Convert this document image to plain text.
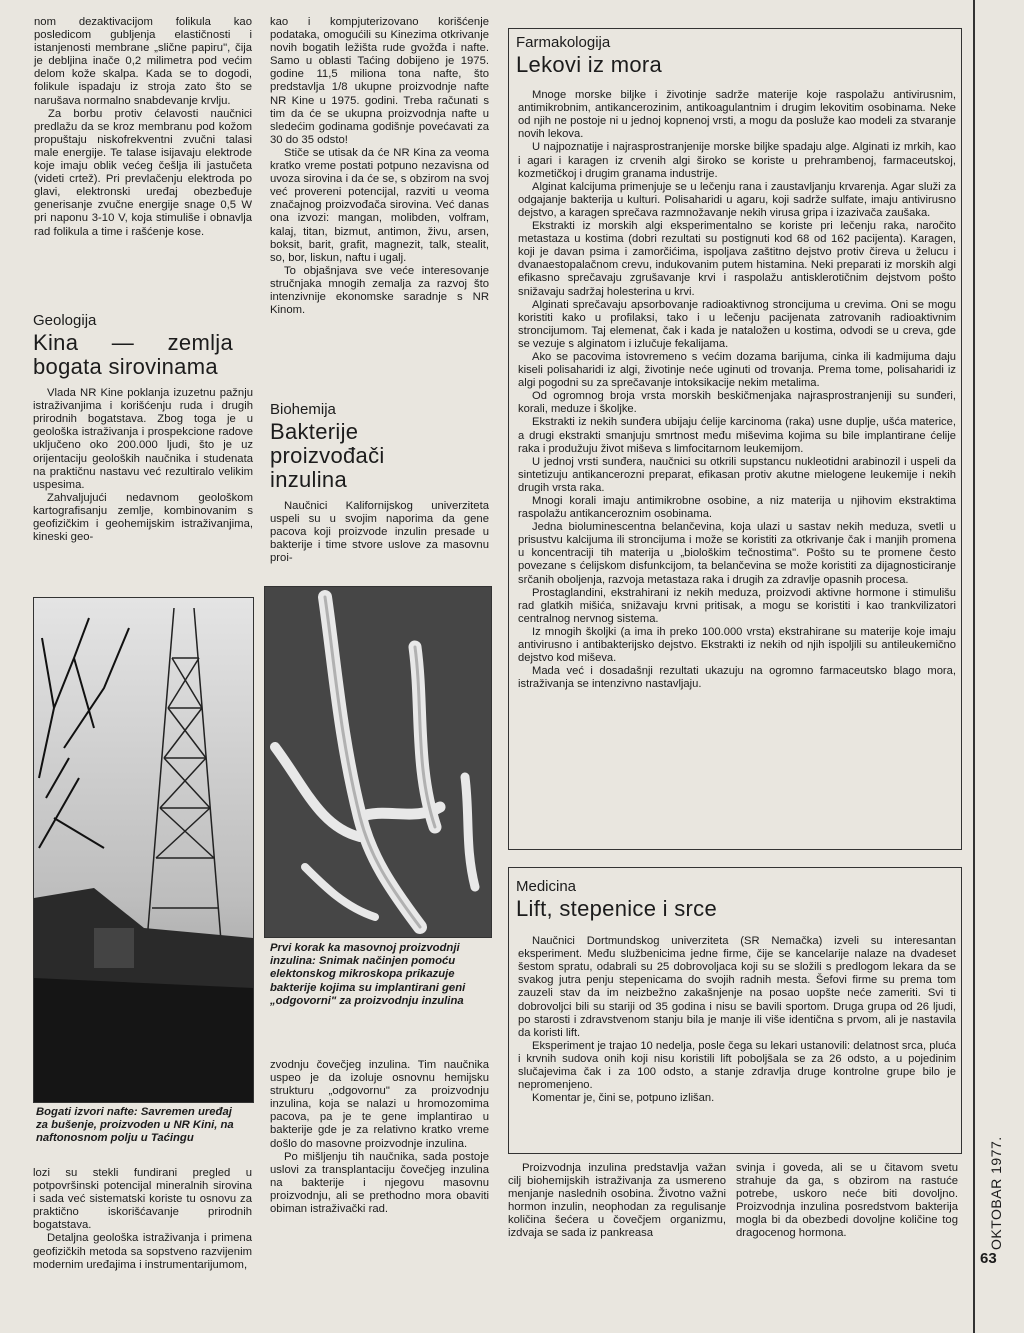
nom dezaktivacijom folikula kao posledicom gubljenja elastičnosti i istanjenosti membrane „slične papiru", čija je debljina inače 0,2 milimetra pod većim delom kože skalpa. Kada se to dogodi, folikule ispadaju iz stroja zato što se narušava normalno snabdevanje krvlju.

Za borbu protiv ćelavosti naučnici predlažu da se kroz membranu pod kožom propuštaju niskofrekventni zvučni talasi male energije. Te talase isijavaju elektrode koje imaju oblik većeg češlja ili jastučeta (videti crtež). Pri prevlačenju elektroda po glavi, elektronski uređaj obezbeđuje generisanje zvučne energije snage 0,5 W pri naponu 3-10 V, koja stimuliše i obnavlja rad folikula a time i rašćenje kose.

Geologija
Kina — zemlja bogata sirovinama

Vlada NR Kine poklanja izuzetnu pažnju istraživanjima i korišćenju ruda i drugih prirodnih bogatstava. Zbog toga je u geološka istraživanja i prospekcione radove uključeno oko 200.000 ljudi, što je uz orijentaciju geoloških naučnika i studenata na praktičnu nastavu već rezultiralo velikim uspesima.

Zahvaljujući nedavnom geološkom kartografisanju zemlje, kombinovanim s geofizičkim i geohemijskim istraživanjima, kineski geo-

Bogati izvori nafte: Savremen uređaj za bušenje, proizvoden u NR Kini, na naftonosnom polju u Taćingu

lozi su stekli fundirani pregled u potpovršinski potencijal mineralnih sirovina i sada već sistematski koriste tu osnovu za praktično iskorišćavanje prirodnih bogatstava.

Detaljna geološka istraživanja i primena geofizičkih metoda sa sopstveno razvijenim modernim uređajima i instrumentarijumom,

kao i kompjuterizovano korišćenje podataka, omogućili su Kinezima otkrivanje novih bogatih ležišta rude gvožđa i nafte. Samo u oblasti Taćing dobijeno je 1975. godine 11,5 miliona tona nafte, što predstavlja 1/8 ukupne proizvodnje nafte NR Kine u 1975. godini. Treba računati s tim da će se ukupna proizvodnja nafte u sledećim godinama godišnje povećavati za 30 do 35 odsto!

Stiče se utisak da će NR Kina za veoma kratko vreme postati potpuno nezavisna od uvoza sirovina i da će se, s obzirom na svoj već provereni potencijal, razviti u veoma značajnog proizvođača sirovina. Već danas ona izvozi: mangan, molibden, volfram, kalaj, titan, bizmut, antimon, živu, arsen, boksit, barit, grafit, magnezit, talk, stealit, so, bor, liskun, naftu i ugalj.

To objašnjava sve veće interesovanje stručnjaka mnogih zemalja za razvoj što intenzivnije ekonomske saradnje s NR Kinom.

Biohemija
Bakterije proizvođači inzulina

Naučnici Kalifornijskog univerziteta uspeli su u svojim naporima da gene pacova koji proizvode inzulin presade u bakterije i time stvore uslove za masovnu proi-

Prvi korak ka masovnoj proizvodnji inzulina: Snimak načinjen pomoću elektonskog mikroskopa prikazuje bakterije kojima su implantirani geni „odgovorni" za proizvodnju inzulina

zvodnju čovečjeg inzulina. Tim naučnika uspeo je da izoluje osnovnu hemijsku strukturu „odgovornu" za proizvodnju inzulina, koja se nalazi u hromozomima pacova, pa je te gene implantirao u bakterije gde je za relativno kratko vreme došlo do masovne proizvodnje inzulina.

Po mišljenju tih naučnika, sada postoje uslovi za transplantaciju čovečjeg inzulina na bakterije i njegovu masovnu proizvodnju, ali se prethodno mora obaviti obiman istraživački rad.

Farmakologija
Lekovi iz mora

Mnoge morske biljke i životinje sadrže materije koje raspolažu antivirusnim, antimikrobnim, antikancerozinim, antikoagulantnim i drugim lekovitim osobinama. Neke od njih ne postoje ni u jednoj kopnenoj vrsti, a mogu da posluže kao modeli za stvaranje novih lekova.

U najpoznatije i najrasprostranjenije morske biljke spadaju alge. Alginati iz mrkih, kao i agari i karagen iz crvenih algi široko se koriste u prehrambenoj, farmaceutskoj, kozmetičkoj i drugim granama industrije.

Alginat kalcijuma primenjuje se u lečenju rana i zaustavljanju krvarenja. Agar služi za odgajanje bakterija u kulturi. Polisaharidi u agaru, koji sadrže sulfate, imaju antivirusno dejstvo, a karagen sprečava razmnožavanje nekih virusa gripa i izazivača zaušaka.

Ekstrakti iz morskih algi eksperimentalno se koriste pri lečenju raka, naročito metastaza u kostima (dobri rezultati su postignuti kod 68 od 162 pacijenta). Karagen, koji je davan psima i zamorčićima, ispoljava zaštitno dejstvo protiv čireva u želucu i dvanaestopalačnom crevu, indukovanim putem histamina. Neki preparati iz morskih algi efikasno sprečavaju zgrušavanje krvi i raspolažu antisklerotičnim dejstvom pošto snižavaju sadržaj holesterina u krvi.

Alginati sprečavaju apsorbovanje radioaktivnog stroncijuma u crevima. Oni se mogu koristiti kako u profilaksi, tako i u lečenju pacijenata zatrovanih radioaktivnim stroncijumom. Taj elemenat, čak i kada je nataložen u kostima, odvodi se u creva, gde se vezuje s alginatom i izlučuje fekalijama.

Ako se pacovima istovremeno s većim dozama barijuma, cinka ili kadmijuma daju kiseli polisaharidi iz algi, životinje neće uginuti od trovanja. Prema tome, polisaharidi iz algi pogodni su za sprečavanje intoksikacije nekim metalima.

Od ogromnog broja vrsta morskih beskičmenjaka najrasprostranjeniji su sunđeri, korali, meduze i školjke.

Ekstrakti iz nekih sunđera ubijaju ćelije karcinoma (raka) usne duplje, ušća materice, a drugi ekstrakti smanjuju smrtnost među miševima kojima su bile implantirane ćelije raka i produžuju život miševa s limfocitarnom leukemijom.

U jednoj vrsti sunđera, naučnici su otkrili supstancu nukleotidni arabinozil i uspeli da sintetizuju antikancerozni preparat, efikasan protiv akutne mielogene leukemije i nekih drugih vrsta raka.

Mnogi korali imaju antimikrobne osobine, a niz materija u njihovim ekstraktima raspolažu antikanceroznim osobinama.

Jedna bioluminescentna belančevina, koja ulazi u sastav nekih meduza, svetli u prisustvu kalcijuma ili stroncijuma i može se koristiti za otkrivanje čak i manjih promena u koncentraciji tih materija u „biološkim tečnostima". Pošto su te promene često povezane s ćelijskom disfunkcijom, ta belančevina se može koristiti za dijagnosticiranje srčanih oboljenja, razvoja metastaza raka i drugih za zdravlje opasnih procesa.

Prostaglandini, ekstrahirani iz nekih meduza, proizvodi aktivne hormone i stimulišu rad glatkih mišića, snižavaju krvni pritisak, a mogu se koristiti i kao trankvilizatori centralnog nervnog sistema.

Iz mnogih školjki (a ima ih preko 100.000 vrsta) ekstrahirane su materije koje imaju antivirusno i antibakterijsko dejstvo. Ekstrakti iz nekih od njih ispoljili su antileukemično dejstvo kod miševa.

Mada već i dosadašnji rezultati ukazuju na ogromno farmaceutsko blago mora, istraživanja se intenzivno nastavljaju.

Medicina
Lift, stepenice i srce

Naučnici Dortmundskog univerziteta (SR Nemačka) izveli su interesantan eksperiment. Među službenicima jedne firme, čije se kancelarije nalaze na dvadeset šestom spratu, odabrali su 25 dobrovoljaca koji su se složili s predlogom lekara da se svakog jutra penju stepenicama do svojih radnih mesta. Šefovi firme su prema tom zauzeli stav da im neizbežno zakašnjenje na posao uopšte neće zameriti. Svi ti dobrovoljci bili su stariji od 35 godina i nisu se bavili sportom. Druga grupa od 26 ljudi, po starosti i zdravstvenom stanju bila je manje ili više identična s prvom, ali je nastavila da koristi lift.

Eksperiment je trajao 10 nedelja, posle čega su lekari ustanovili: delatnost srca, pluća i krvnih sudova onih koji nisu koristili lift poboljšala se za 26 odsto, a u pojedinim slučajevima čak i za 100 odsto, a stanje zdravlja druge kontrolne grupe bilo je nepromenjeno.

Komentar je, čini se, potpuno izlišan.

Proizvodnja inzulina predstavlja važan cilj biohemijskih istraživanja za usmereno menjanje naslednih osobina. Životno važni hormon inzulin, neophodan za regulisanje količina šećera u čovečjem organizmu, izdvaja se sada iz pankreasa

svinja i goveda, ali se u čitavom svetu strahuje da ga, s obzirom na rastuće potrebe, uskoro neće biti dovoljno. Proizvodnja inzulina posredstvom bakterija mogla bi da obezbedi dovoljne količine tog dragocenog hormona.	OKTOBAR 1977.
63
